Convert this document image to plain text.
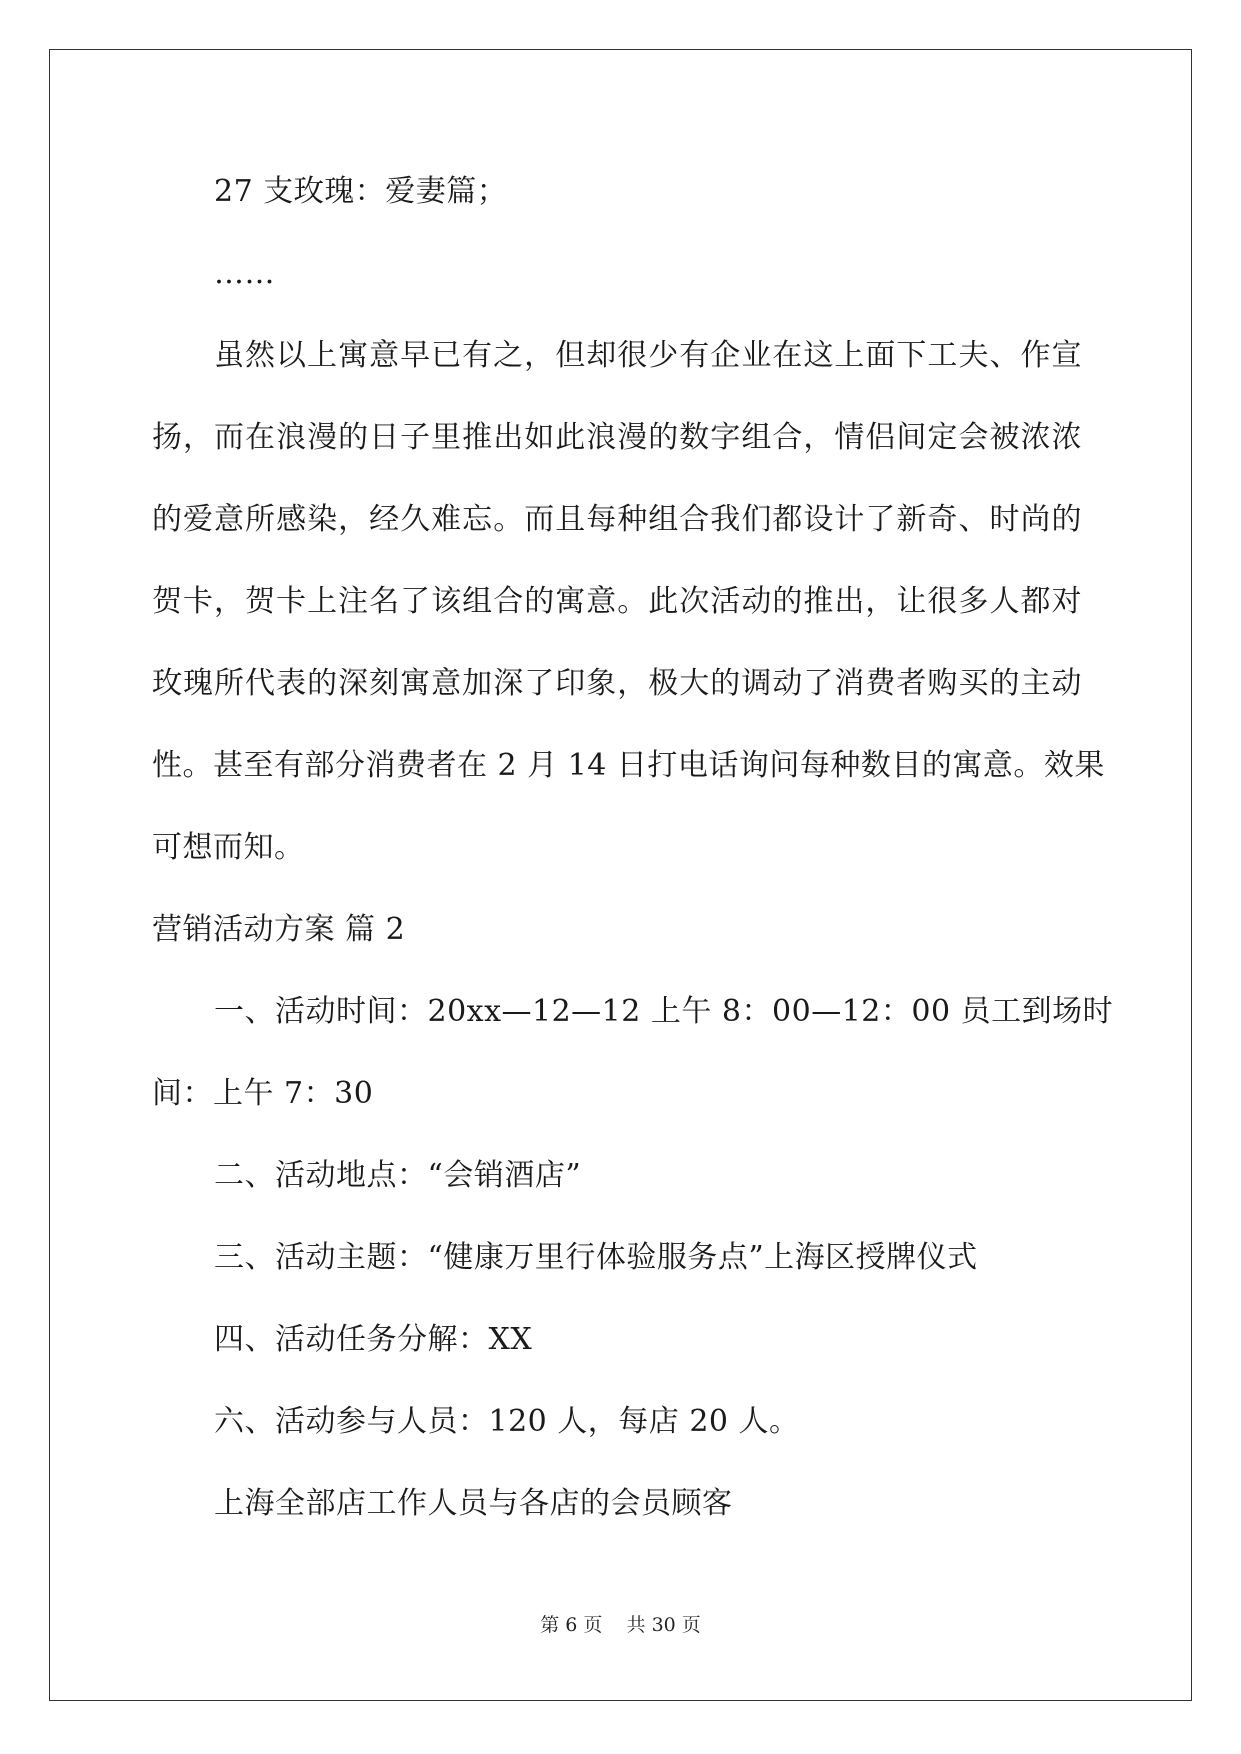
27 支玫瑰：爱妻篇；
……
虽然以上寓意早已有之，但却很少有企业在这上面下工夫、作宣
扬，而在浪漫的日子里推出如此浪漫的数字组合，情侣间定会被浓浓
的爱意所感染，经久难忘。而且每种组合我们都设计了新奇、时尚的
贺卡，贺卡上注名了该组合的寓意。此次活动的推出，让很多人都对
玫瑰所代表的深刻寓意加深了印象，极大的调动了消费者购买的主动
性。甚至有部分消费者在 2 月 14 日打电话询问每种数目的寓意。效果
可想而知。
营销活动方案 篇 2
一、活动时间：20xx—12—12 上午 8：00—12：00 员工到场时
间：上午 7：30
二、活动地点：“会销酒店”
三、活动主题：“健康万里行体验服务点”上海区授牌仪式
四、活动任务分解：XX
六、活动参与人员：120 人，每店 20 人。
上海全部店工作人员与各店的会员顾客
第 6 页    共 30 页
